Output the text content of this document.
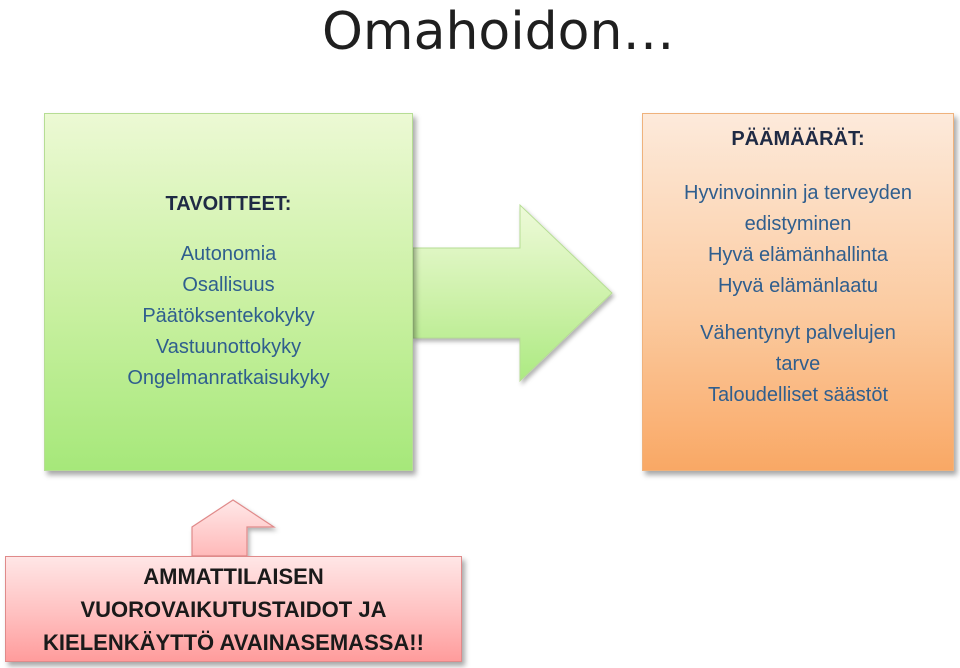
Omahoidon…
TAVOITTEET:
Autonomia
Osallisuus
Päätöksentekokyky
Vastuunottokyky
Ongelmanratkaisukyky
PÄÄMÄÄRÄT:
Hyvinvoinnin ja terveyden
edistyminen
Hyvä elämänhallinta
Hyvä elämänlaatu
Vähentynyt palvelujen
tarve
Taloudelliset säästöt
AMMATTILAISEN
VUOROVAIKUTUSTAIDOT JA
KIELENKÄYTTÖ AVAINASEMASSA!!
